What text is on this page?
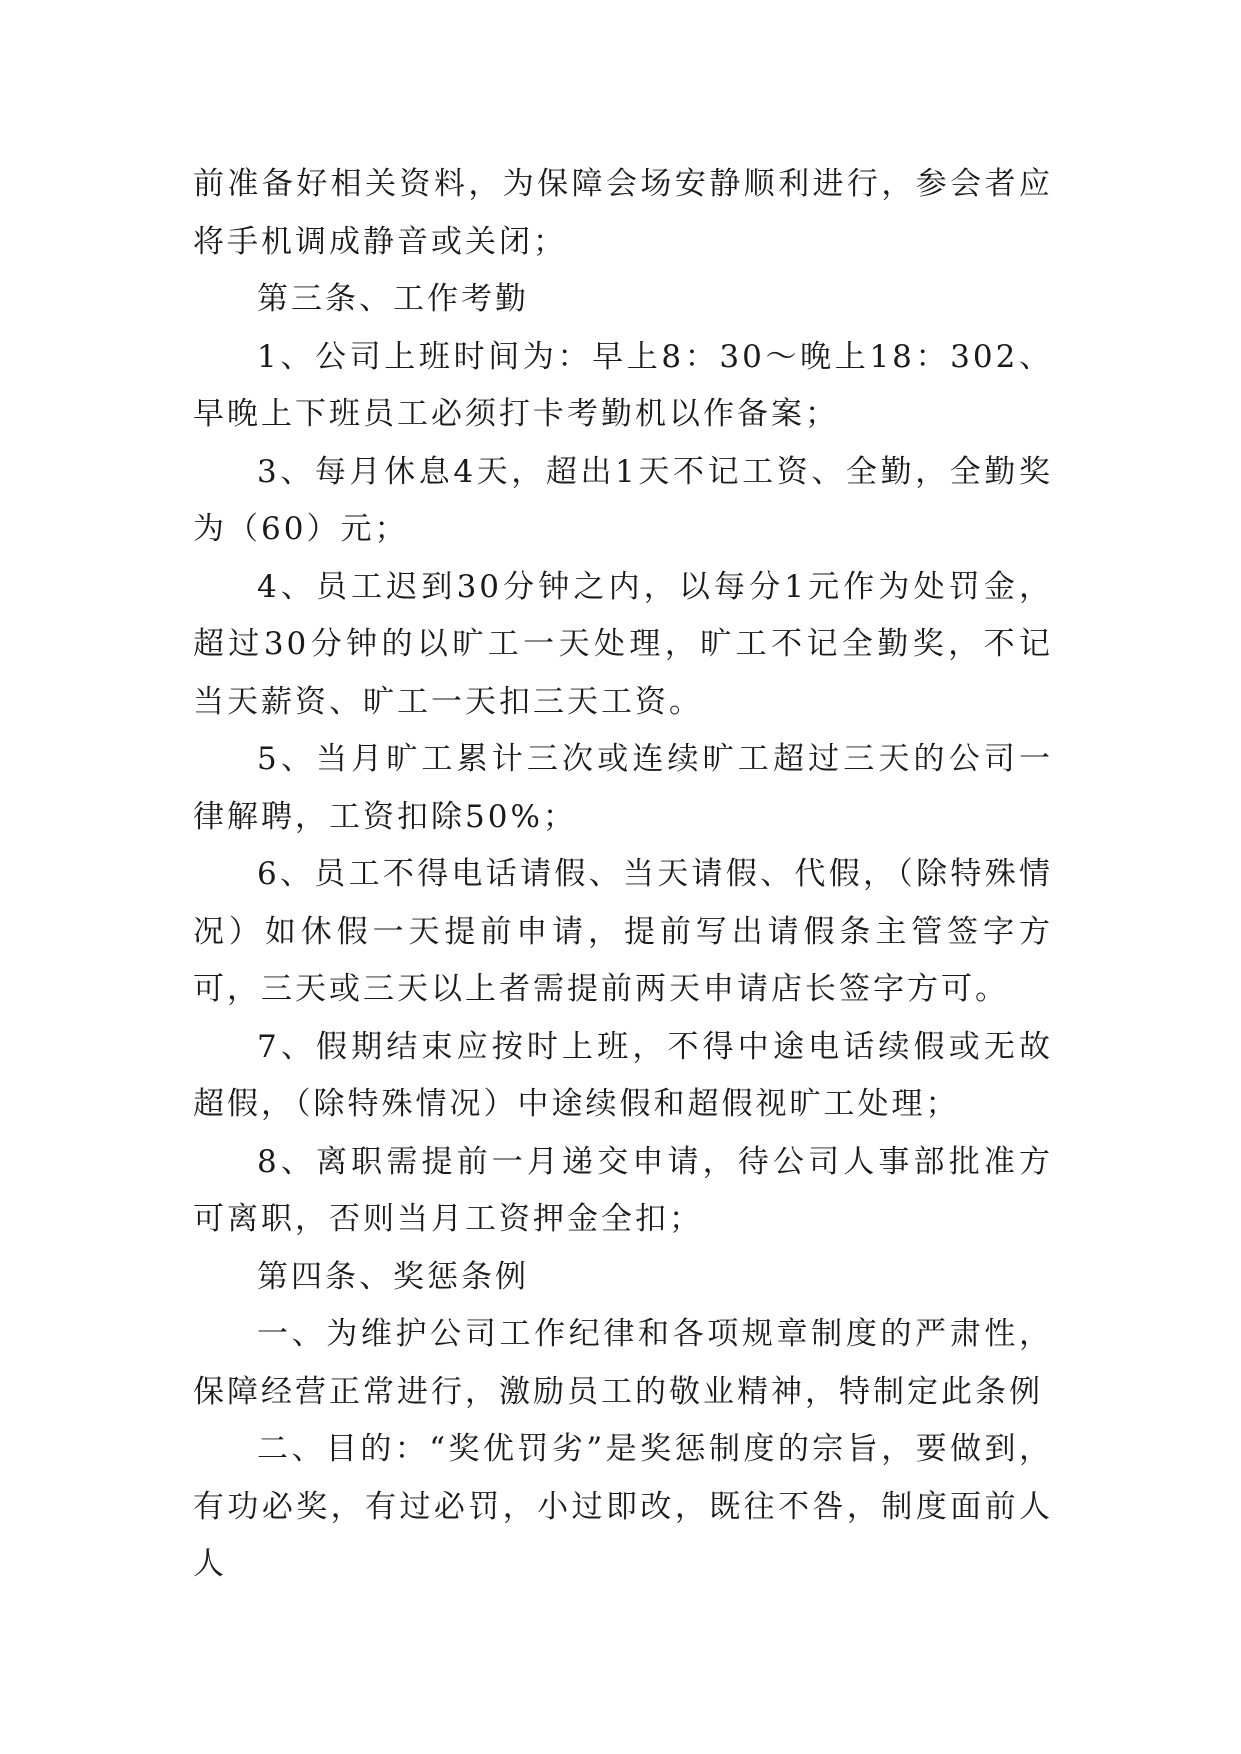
前准备好相关资料，为保障会场安静顺利进行，参会者应将手机调成静音或关闭；

第三条、工作考勤

1、公司上班时间为：早上8：30～晚上18：302、早晚上下班员工必须打卡考勤机以作备案；

3、每月休息4天，超出1天不记工资、全勤，全勤奖为（60）元；

4、员工迟到30分钟之内，以每分1元作为处罚金，超过30分钟的以旷工一天处理，旷工不记全勤奖，不记当天薪资、旷工一天扣三天工资。

5、当月旷工累计三次或连续旷工超过三天的公司一律解聘，工资扣除50%；

6、员工不得电话请假、当天请假、代假，（除特殊情况）如休假一天提前申请，提前写出请假条主管签字方可，三天或三天以上者需提前两天申请店长签字方可。

7、假期结束应按时上班，不得中途电话续假或无故超假，（除特殊情况）中途续假和超假视旷工处理；

8、离职需提前一月递交申请，待公司人事部批准方可离职，否则当月工资押金全扣；

第四条、奖惩条例

一、为维护公司工作纪律和各项规章制度的严肃性，保障经营正常进行，激励员工的敬业精神，特制定此条例

二、目的：“奖优罚劣”是奖惩制度的宗旨，要做到，有功必奖，有过必罚，小过即改，既往不咎，制度面前人人
